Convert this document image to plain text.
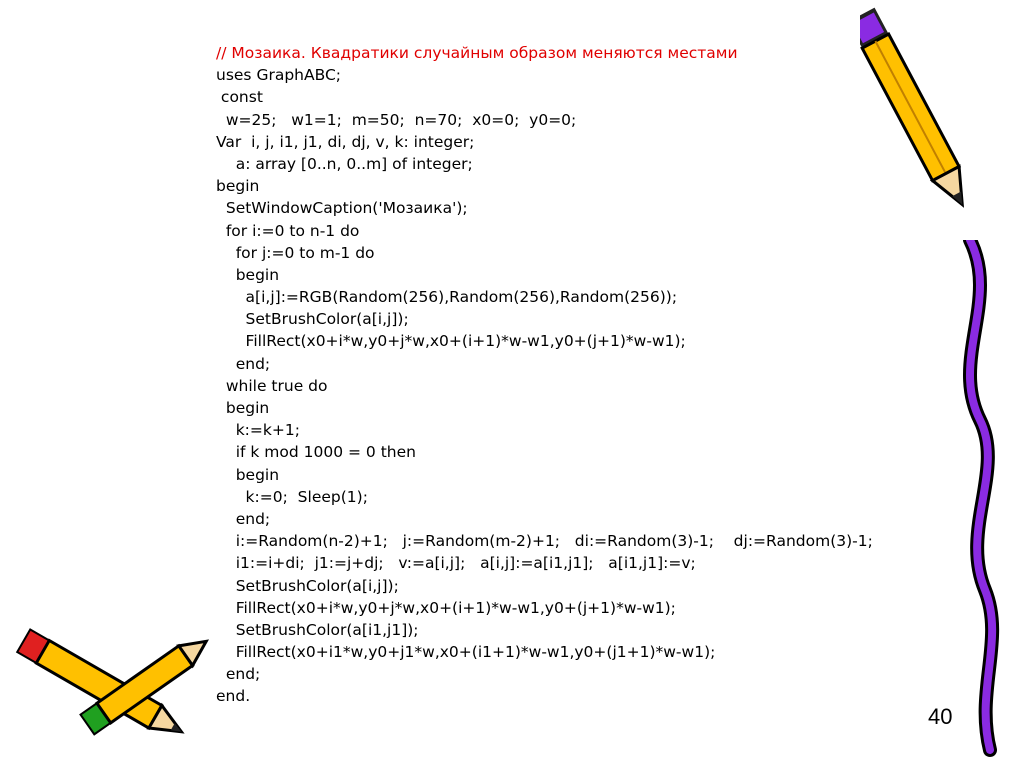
// Мозаика. Квадратики случайным образом меняются местами
uses GraphABC;
const
w=25;   w1=1;  m=50;  n=70;  x0=0;  y0=0;
Var  i, j, i1, j1, di, dj, v, k: integer;
a: array [0..n, 0..m] of integer;
begin
SetWindowCaption('Мозаика');
for i:=0 to n-1 do
for j:=0 to m-1 do
begin
a[i,j]:=RGB(Random(256),Random(256),Random(256));
SetBrushColor(a[i,j]);
FillRect(x0+i*w,y0+j*w,x0+(i+1)*w-w1,y0+(j+1)*w-w1);
end;
while true do
begin
k:=k+1;
if k mod 1000 = 0 then
begin
k:=0;  Sleep(1);
end;
i:=Random(n-2)+1;   j:=Random(m-2)+1;   di:=Random(3)-1;    dj:=Random(3)-1;
i1:=i+di;  j1:=j+dj;   v:=a[i,j];   a[i,j]:=a[i1,j1];   a[i1,j1]:=v;
SetBrushColor(a[i,j]);
FillRect(x0+i*w,y0+j*w,x0+(i+1)*w-w1,y0+(j+1)*w-w1);
SetBrushColor(a[i1,j1]);
FillRect(x0+i1*w,y0+j1*w,x0+(i1+1)*w-w1,y0+(j1+1)*w-w1);
end;
end.
40
